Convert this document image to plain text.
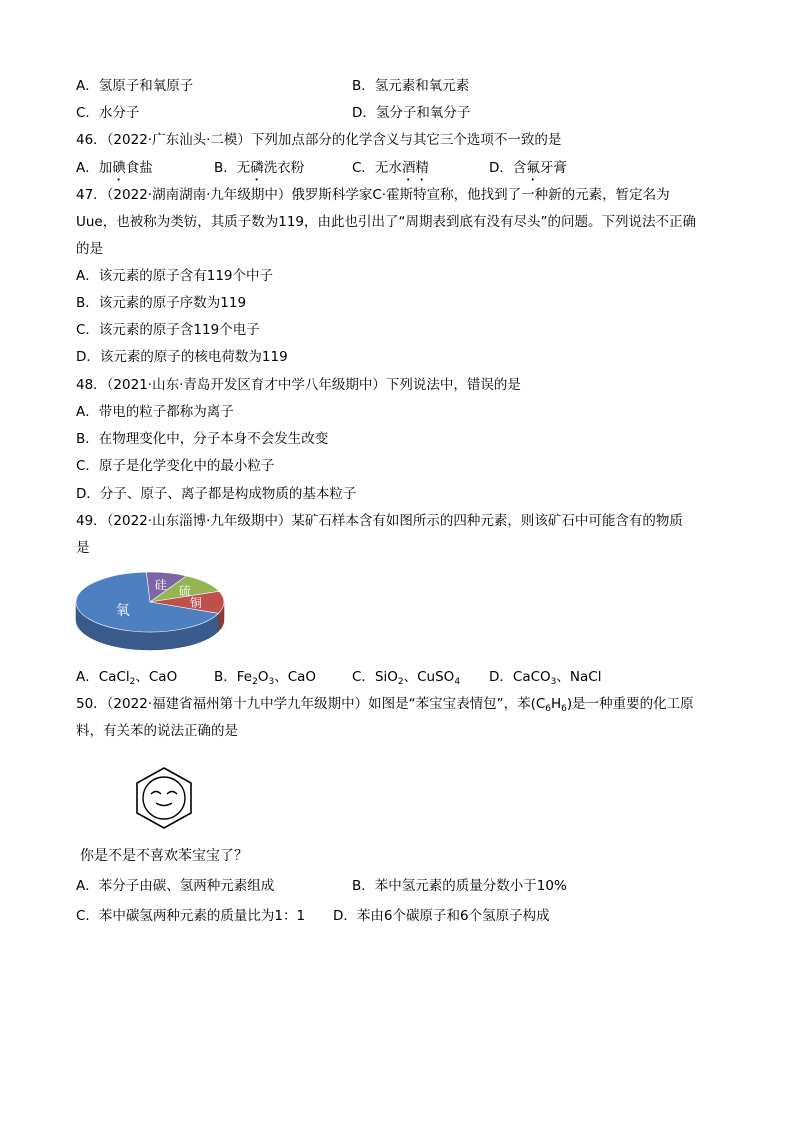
A．氢原子和氧原子	B．氢元素和氧元素
C．水分子	D．氢分子和氧分子
46．（2022·广东汕头·二模）下列加点部分的化学含义与其它三个选项不一致的是
A．加碘食盐	B．无磷洗衣粉	C．无水酒精	D．含氟牙膏
47．（2022·湖南湖南·九年级期中）俄罗斯科学家C·霍斯特宣称，他找到了一种新的元素，暂定名为
Uue，也被称为类钫，其质子数为119，由此也引出了“周期表到底有没有尽头”的问题。下列说法不正确
的是
A．该元素的原子含有119个中子
B．该元素的原子序数为119
C．该元素的原子含119个电子
D．该元素的原子的核电荷数为119
48．（2021·山东·青岛开发区育才中学八年级期中）下列说法中，错误的是
A．带电的粒子都称为离子
B．在物理变化中，分子本身不会发生改变
C．原子是化学变化中的最小粒子
D．分子、原子、离子都是构成物质的基本粒子
49．（2022·山东淄博·九年级期中）某矿石样本含有如图所示的四种元素，则该矿石中可能含有的物质
是
硅 硫
铜
氧
A．CaCl$_2$、CaO	B．$Fe_2O_3$、CaO	C．SiO$_2$、CuSO$_4$ D．CaCO$_3$、NaCl
50．（2022·福建省福州第十九中学九年级期中）如图是“苯宝宝表情包”，苯$(C_6H_6)$是一种重要的化工原
料，有关苯的说法正确的是
你是不是不喜欢苯宝宝了？
A．苯分子由碳、氢两种元素组成	B．苯中氢元素的质量分数小于10%
C．苯中碳氢两种元素的质量比为1：1 D．苯由6个碳原子和6个氢原子构成
